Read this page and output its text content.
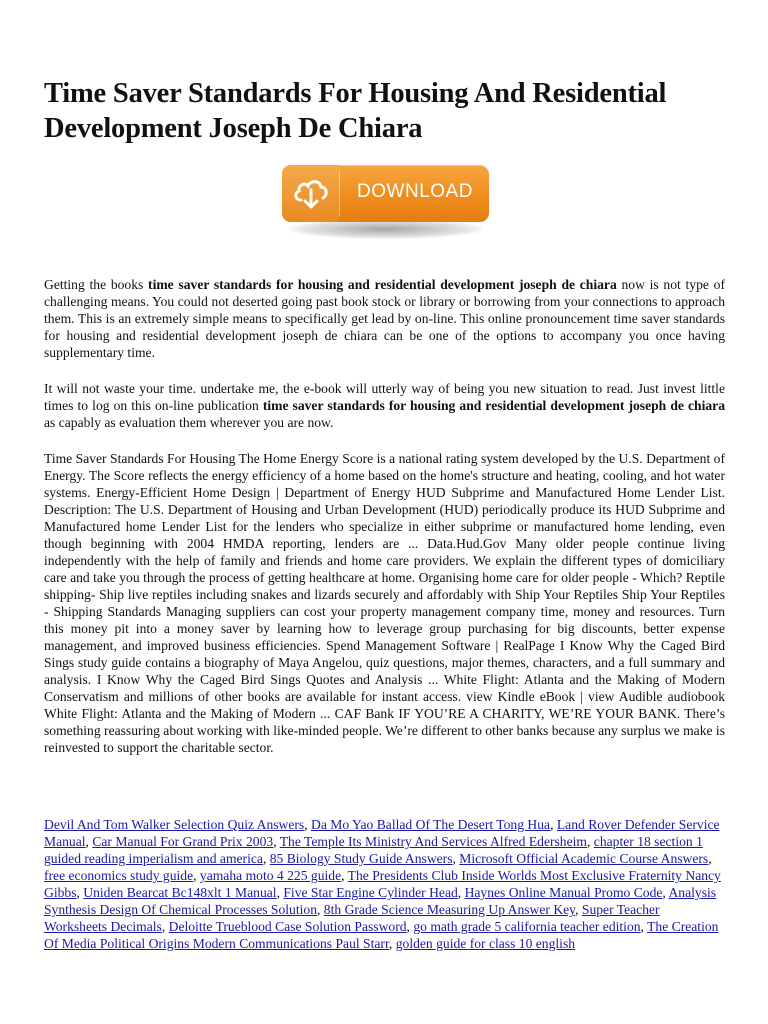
Time Saver Standards For Housing And Residential Development Joseph De Chiara
DOWNLOAD

Getting the books time saver standards for housing and residential development joseph de chiara now is not type of challenging means. You could not deserted going past book stock or library or borrowing from your connections to approach them. This is an extremely simple means to specifically get lead by on-line. This online pronouncement time saver standards for housing and residential development joseph de chiara can be one of the options to accompany you once having supplementary time.

It will not waste your time. undertake me, the e-book will utterly way of being you new situation to read. Just invest little times to log on this on-line publication time saver standards for housing and residential development joseph de chiara as capably as evaluation them wherever you are now.

Time Saver Standards For Housing The Home Energy Score is a national rating system developed by the U.S. Department of Energy. The Score reflects the energy efficiency of a home based on the home's structure and heating, cooling, and hot water systems. Energy-Efficient Home Design | Department of Energy HUD Subprime and Manufactured Home Lender List. Description: The U.S. Department of Housing and Urban Development (HUD) periodically produce its HUD Subprime and Manufactured home Lender List for the lenders who specialize in either subprime or manufactured home lending, even though beginning with 2004 HMDA reporting, lenders are ... Data.Hud.Gov Many older people continue living independently with the help of family and friends and home care providers. We explain the different types of domiciliary care and take you through the process of getting healthcare at home. Organising home care for older people - Which? Reptile shipping- Ship live reptiles including snakes and lizards securely and affordably with Ship Your Reptiles Ship Your Reptiles - Shipping Standards Managing suppliers can cost your property management company time, money and resources. Turn this money pit into a money saver by learning how to leverage group purchasing for big discounts, better expense management, and improved business efficiencies. Spend Management Software | RealPage I Know Why the Caged Bird Sings study guide contains a biography of Maya Angelou, quiz questions, major themes, characters, and a full summary and analysis. I Know Why the Caged Bird Sings Quotes and Analysis ... White Flight: Atlanta and the Making of Modern Conservatism and millions of other books are available for instant access. view Kindle eBook | view Audible audiobook White Flight: Atlanta and the Making of Modern ... CAF Bank IF YOU’RE A CHARITY, WE’RE YOUR BANK. There’s something reassuring about working with like-minded people. We’re different to other banks because any surplus we make is reinvested to support the charitable sector.

Devil And Tom Walker Selection Quiz Answers, Da Mo Yao Ballad Of The Desert Tong Hua, Land Rover Defender Service Manual, Car Manual For Grand Prix 2003, The Temple Its Ministry And Services Alfred Edersheim, chapter 18 section 1 guided reading imperialism and america, 85 Biology Study Guide Answers, Microsoft Official Academic Course Answers, free economics study guide, yamaha moto 4 225 guide, The Presidents Club Inside Worlds Most Exclusive Fraternity Nancy Gibbs, Uniden Bearcat Bc148xlt 1 Manual, Five Star Engine Cylinder Head, Haynes Online Manual Promo Code, Analysis Synthesis Design Of Chemical Processes Solution, 8th Grade Science Measuring Up Answer Key, Super Teacher Worksheets Decimals, Deloitte Trueblood Case Solution Password, go math grade 5 california teacher edition, The Creation Of Media Political Origins Modern Communications Paul Starr, golden guide for class 10 english
